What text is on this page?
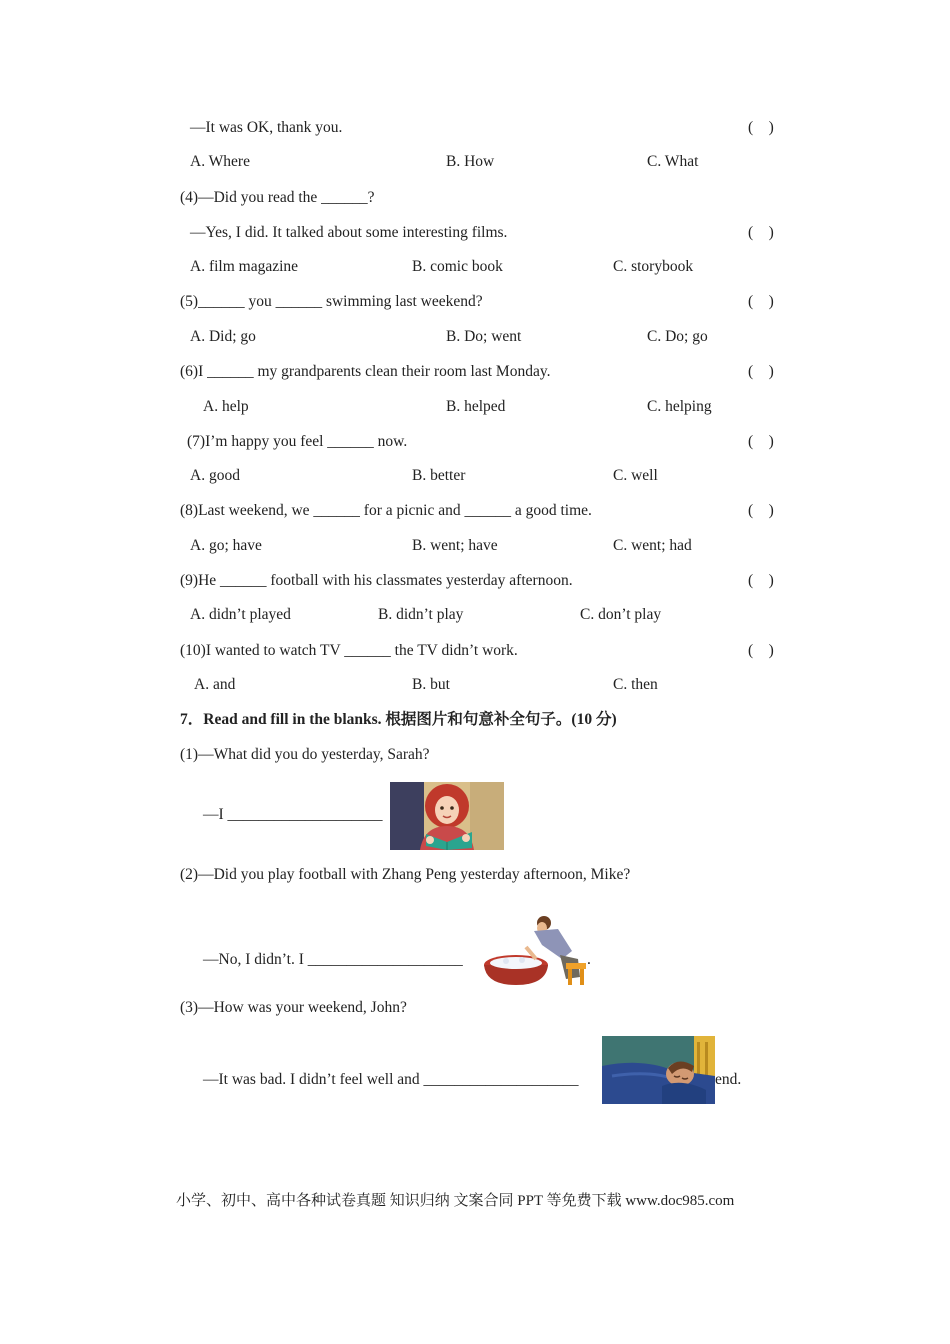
—It was OK, thank you.	(    )
A. Where	B. How	C. What
(4)—Did you read the ______?
—Yes, I did. It talked about some interesting films.	(    )
A. film magazine	B. comic book	C. storybook
(5)______ you ______ swimming last weekend?	(    )
A. Did; go	B. Do; went	C. Do; go
(6)I ______ my grandparents clean their room last Monday.	(    )
A. help	B. helped	C. helping
(7)I’m happy you feel ______ now.	(    )
A. good	B. better	C. well
(8)Last weekend, we ______ for a picnic and ______ a good time.	(    )
A. go; have	B. went; have	C. went; had
(9)He ______ football with his classmates yesterday afternoon.	(    )
A. didn’t played	B. didn’t play	C. don’t play
(10)I wanted to watch TV ______ the TV didn’t work.	(    )
A. and	B. but	C. then
7．Read and fill in the blanks. 根据图片和句意补全句子。(10 分)
(1)—What did you do yesterday, Sarah?
—I ____________________
(2)—Did you play football with Zhang Peng yesterday afternoon, Mike?
—No, I didn’t. I ____________________	.
(3)—How was your weekend, John?
—It was bad. I didn’t feel well and ____________________	end.
小学、初中、高中各种试卷真题 知识归纳 文案合同 PPT 等免费下载 www.doc985.com
